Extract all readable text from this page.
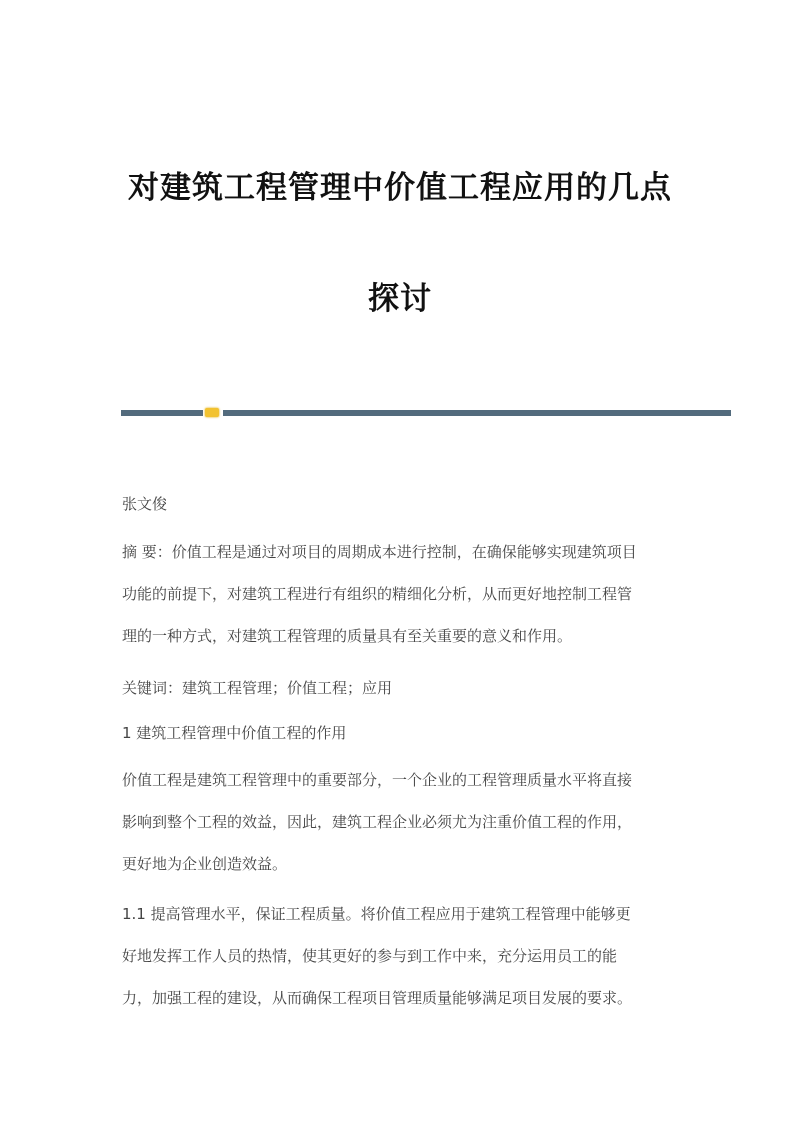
对建筑工程管理中价值工程应用的几点
探讨
张文俊
摘 要：价值工程是通过对项目的周期成本进行控制，在确保能够实现建筑项目
功能的前提下，对建筑工程进行有组织的精细化分析，从而更好地控制工程管
理的一种方式，对建筑工程管理的质量具有至关重要的意义和作用。
关键词：建筑工程管理；价值工程；应用
1 建筑工程管理中价值工程的作用
价值工程是建筑工程管理中的重要部分，一个企业的工程管理质量水平将直接
影响到整个工程的效益，因此，建筑工程企业必须尤为注重价值工程的作用，
更好地为企业创造效益。
1.1 提高管理水平，保证工程质量。将价值工程应用于建筑工程管理中能够更
好地发挥工作人员的热情，使其更好的参与到工作中来，充分运用员工的能
力，加强工程的建设，从而确保工程项目管理质量能够满足项目发展的要求。
